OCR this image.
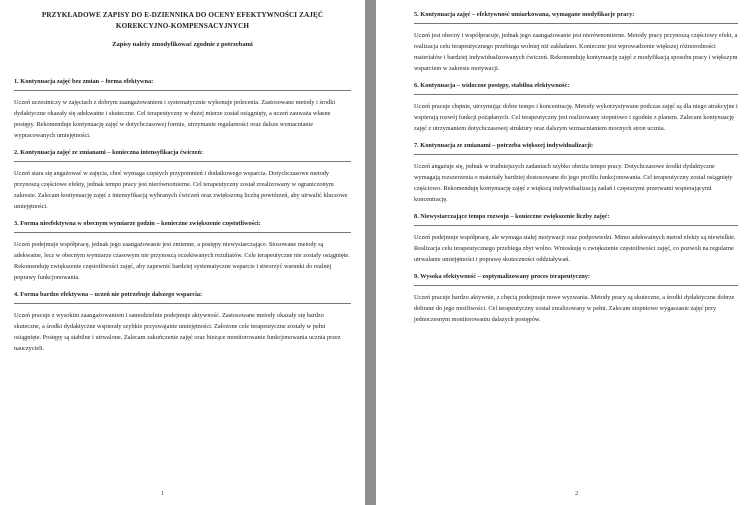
PRZYKŁADOWE ZAPISY DO E-DZIENNIKA DO OCENY EFEKTYWNOŚCI ZAJĘĆ KOREKCYJNO-KOMPENSACYJNYCH

Zapisy należy zmodyfikować zgodnie z potrzebami

1. Kontynuacja zajęć bez zmian – forma efektywna:

Uczeń uczestniczy w zajęciach z dobrym zaangażowaniem i systematycznie wykonuje polecenia. Zastosowane metody i środki dydaktyczne okazały się adekwatne i skuteczne. Cel terapeutyczny w dużej mierze został osiągnięty, a uczeń zauważa własne postępy. Rekomenduje kontynuację zajęć w dotychczasowej formie, utrzymanie regularności oraz dalsze wzmacnianie wypracowanych umiejętności.

2. Kontynuacja zajęć ze zmianami – konieczna intensyfikacja ćwiczeń:

Uczeń stara się angażować w zajęcia, choć wymaga częstych przypomnień i dodatkowego wsparcia. Dotychczasowe metody przynoszą częściowe efekty, jednak tempo pracy jest nierównomierne. Cel terapeutyczny został zrealizowany w ograniczonym zakresie. Zalecam kontynuację zajęć z intensyfikacją wybranych ćwiczeń oraz zwiększoną liczbą powtórzeń, aby utrwalić kluczowe umiejętności.

3. Forma nieefektywna w obecnym wymiarze godzin – konieczne zwiększenie częstotliwości:

Uczeń podejmuje współpracę, jednak jego zaangażowanie jest zmienne, a postępy niewystarczające. Stosowane metody są adekwatne, lecz w obecnym wymiarze czasowym nie przynoszą oczekiwanych rezultatów. Cele terapeutyczne nie zostały osiągnięte. Rekomenduję zwiększenie częstotliwości zajęć, aby zapewnić bardziej systematyczne wsparcie i stworzyć warunki do realnej poprawy funkcjonowania.

4. Forma bardzo efektywna – uczeń nie potrzebuje dalszego wsparcia:

Uczeń pracuje z wysokim zaangażowaniem i samodzielnie podejmuje aktywność. Zastosowane metody okazały się bardzo skuteczne, a środki dydaktyczne wspierały szybkie przyswajanie umiejętności. Założone cele terapeutyczne zostały w pełni osiągnięte. Postępy są stabilne i utrwalone. Zalecam zakończenie zajęć oraz bieżące monitorowanie funkcjonowania ucznia przez nauczycieli.

1

5. Kontynuacja zajęć – efektywność umiarkowana, wymagane modyfikacje pracy:

Uczeń jest obecny i współpracuje, jednak jego zaangażowanie jest nierównomierne. Metody pracy przynoszą częściowy efekt, a realizacja celu terapeutycznego przebiega wolniej niż zakładano. Konieczne jest wprowadzenie większej różnorodności materiałów i bardziej indywidualizowanych ćwiczeń. Rekomenduję kontynuację zajęć z modyfikacją sposobu pracy i większym wsparciem w zakresie motywacji.

6. Kontynuacja – widoczne postępy, stabilna efektywność:

Uczeń pracuje chętnie, utrzymując dobre tempo i koncentrację. Metody wykorzystywane podczas zajęć są dla niego atrakcyjne i wspierają rozwój funkcji pożądanych. Cel terapeutyczny jest realizowany stopniowo i zgodnie z planem. Zalecam kontynuację zajęć z utrzymaniem dotychczasowej struktury oraz dalszym wzmacnianiem mocnych stron ucznia.

7. Kontynuacja ze zmianami – potrzeba większej indywidualizacji:

Uczeń angażuje się, jednak w trudniejszych zadaniach szybko obniża tempo pracy. Dotychczasowe środki dydaktyczne wymagają rozszerzenia o materiały bardziej dostosowane do jego profilu funkcjonowania. Cel terapeutyczny został osiągnięty częściowo. Rekomenduję kontynuację zajęć z większą indywidualizacją zadań i częstszymi przerwami wspierającymi koncentrację.

8. Niewystarczające tempo rozwoju – konieczne zwiększenie liczby zajęć:

Uczeń podejmuje współpracę, ale wymaga stałej motywacji oraz podpowiedzi. Mimo adekwatnych metod efekty są niewielkie. Realizacja celu terapeutycznego przebiega zbyt wolno. Wnioskuję o zwiększenie częstotliwości zajęć, co pozwoli na regularne utrwalanie umiejętności i poprawę skuteczności oddziaływań.

9. Wysoka efektywność – zoptymalizowany proces terapeutyczny:

Uczeń pracuje bardzo aktywnie, z chęcią podejmuje nowe wyzwania. Metody pracy są skuteczne, a środki dydaktyczne dobrze dobrane do jego możliwości. Cel terapeutyczny został zrealizowany w pełni. Zalecam stopniowe wygaszanie zajęć przy jednoczesnym monitorowaniu dalszych postępów.

2
